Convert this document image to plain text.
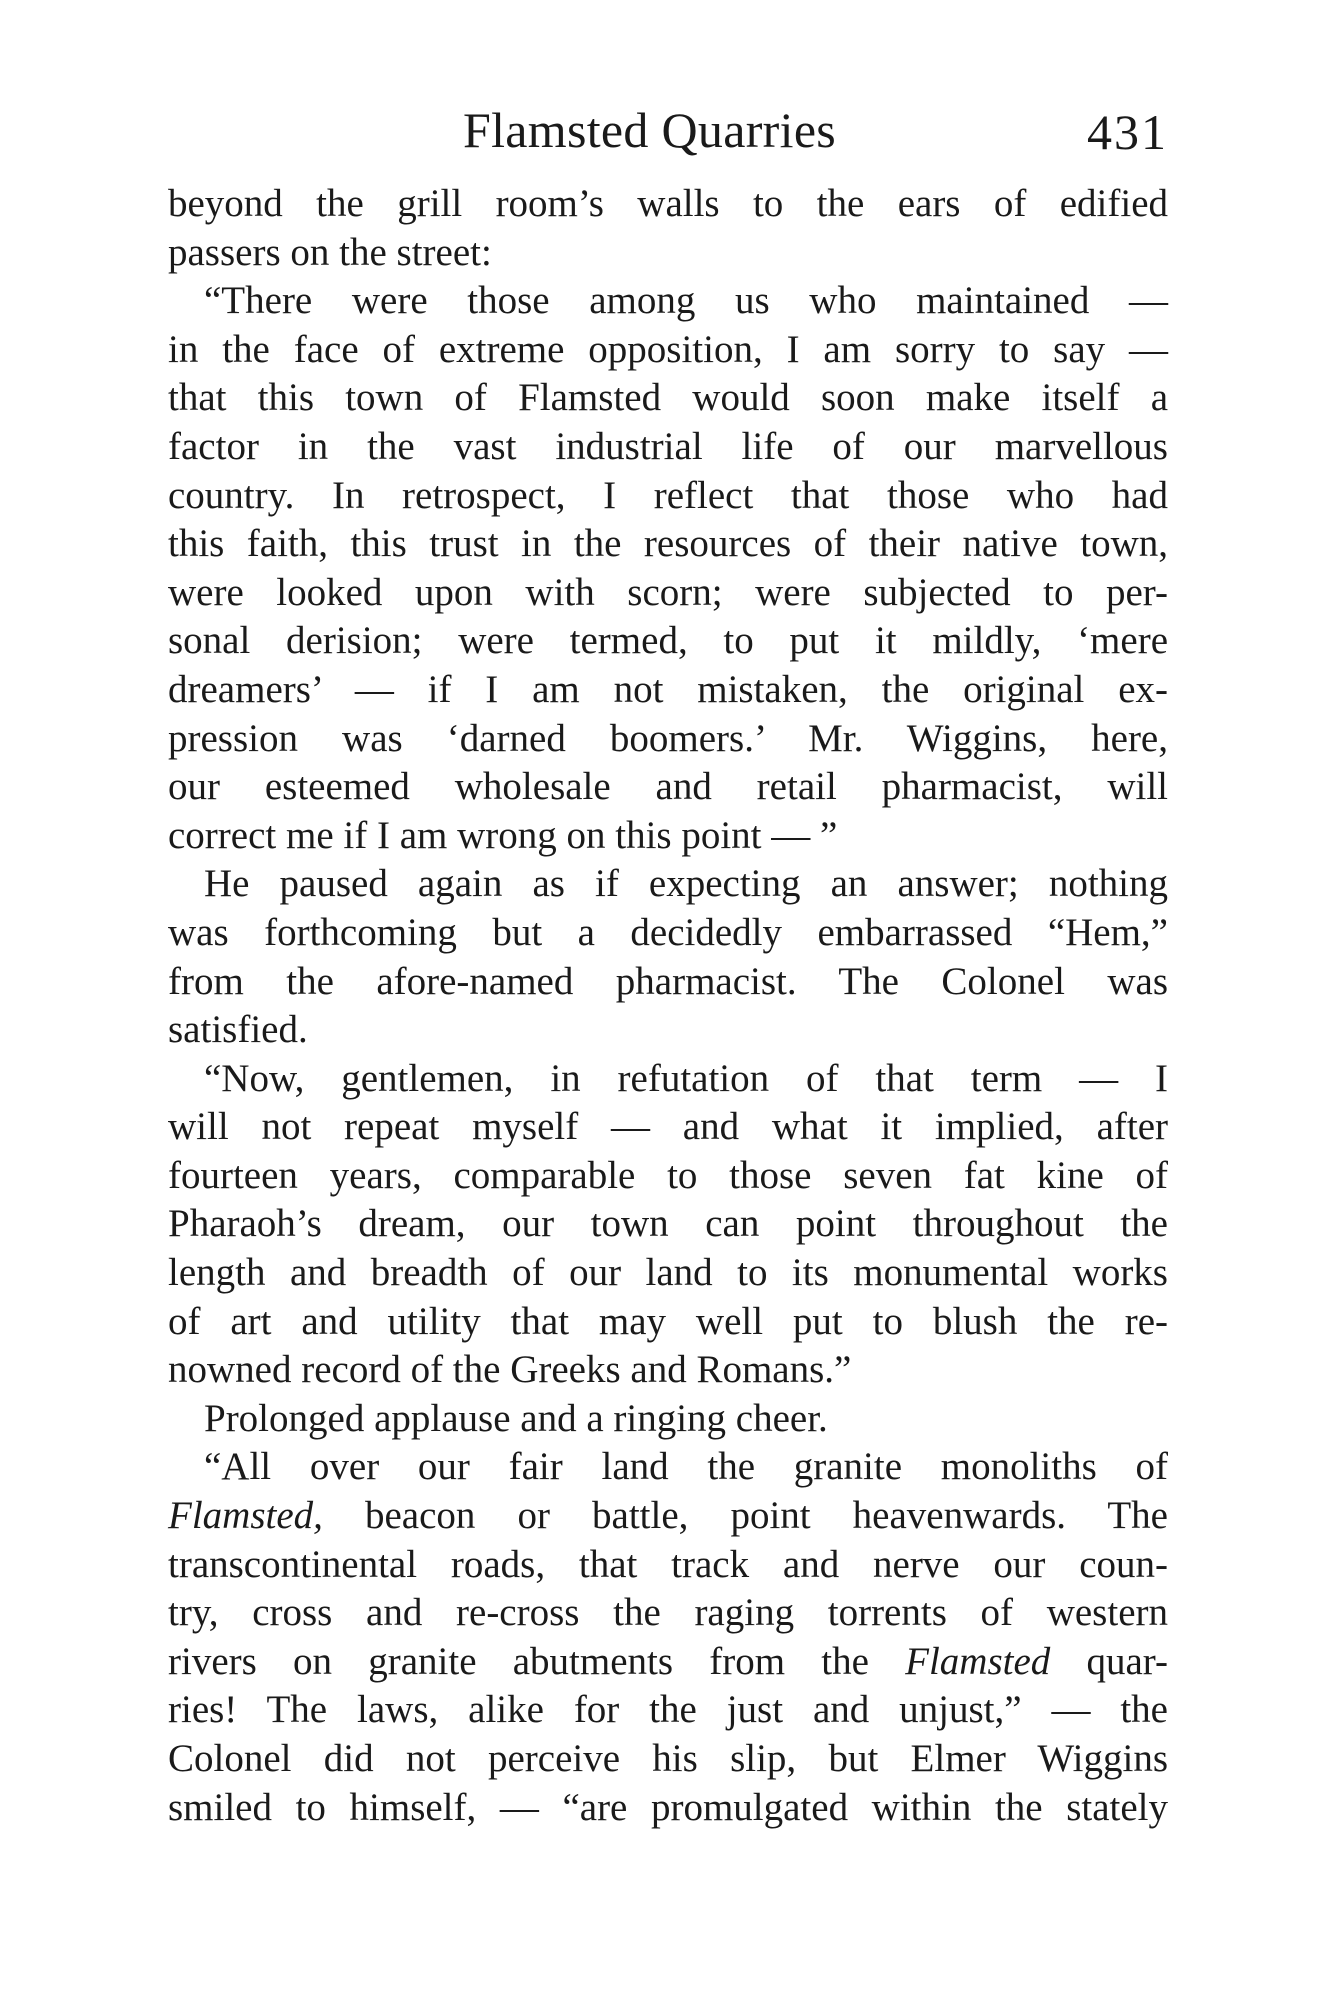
Flamsted Quarries	431
beyond the grill room’s walls to the ears of edified
passers on the street:
“There were those among us who maintained —
in the face of extreme opposition, I am sorry to say —
that this town of Flamsted would soon make itself a
factor in the vast industrial life of our marvellous
country. In retrospect, I reflect that those who had
this faith, this trust in the resources of their native town,
were looked upon with scorn; were subjected to per-
sonal derision; were termed, to put it mildly, ‘mere
dreamers’ — if I am not mistaken, the original ex-
pression was ‘darned boomers.’ Mr. Wiggins, here,
our esteemed wholesale and retail pharmacist, will
correct me if I am wrong on this point — ”
He paused again as if expecting an answer; nothing
was forthcoming but a decidedly embarrassed “Hem,”
from the afore-named pharmacist. The Colonel was
satisfied.
“Now, gentlemen, in refutation of that term — I
will not repeat myself — and what it implied, after
fourteen years, comparable to those seven fat kine of
Pharaoh’s dream, our town can point throughout the
length and breadth of our land to its monumental works
of art and utility that may well put to blush the re-
nowned record of the Greeks and Romans.”
Prolonged applause and a ringing cheer.
“All over our fair land the granite monoliths of
Flamsted, beacon or battle, point heavenwards. The
transcontinental roads, that track and nerve our coun-
try, cross and re-cross the raging torrents of western
rivers on granite abutments from the Flamsted quar-
ries! The laws, alike for the just and unjust,” — the
Colonel did not perceive his slip, but Elmer Wiggins
smiled to himself, — “are promulgated within the stately
